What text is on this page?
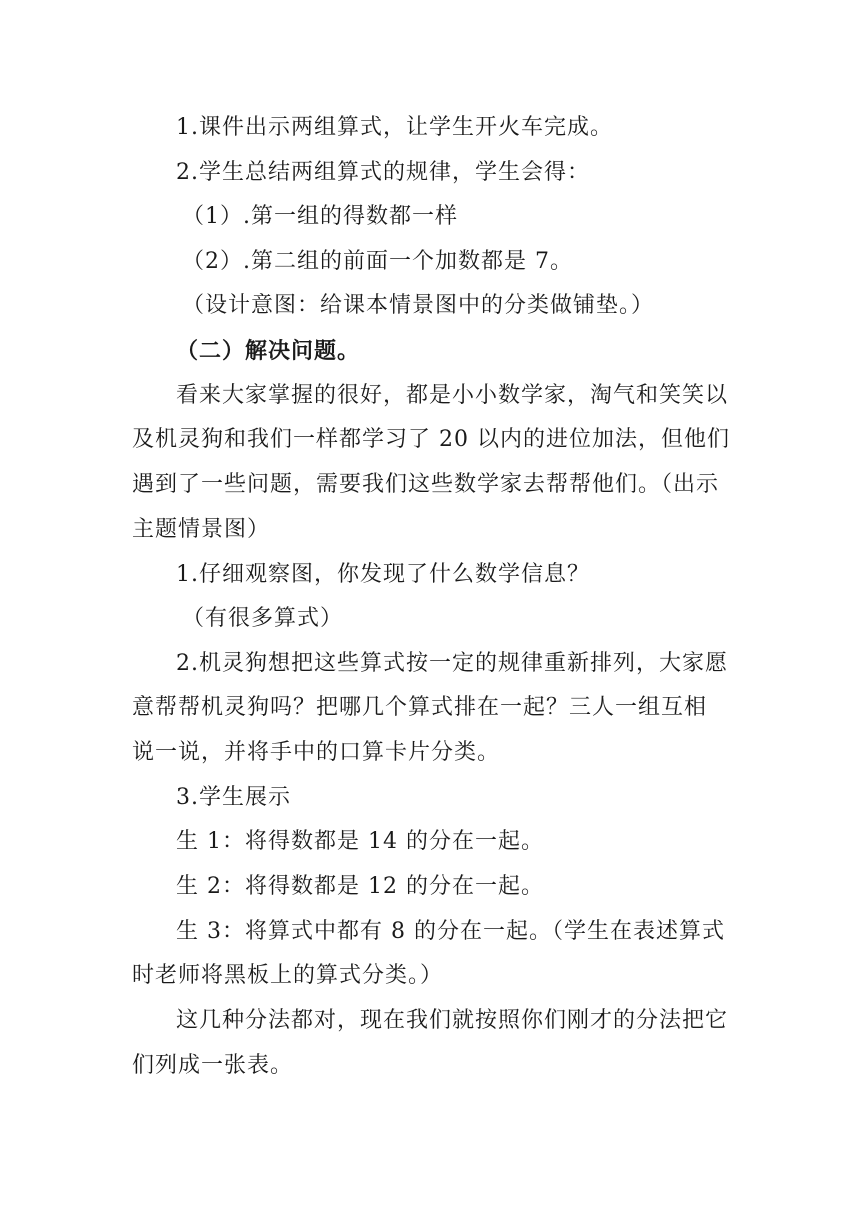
1.课件出示两组算式，让学生开火车完成。
2.学生总结两组算式的规律，学生会得：
（1）.第一组的得数都一样
（2）.第二组的前面一个加数都是 7。
（设计意图：给课本情景图中的分类做铺垫。）
（二）解决问题。
看来大家掌握的很好，都是小小数学家，淘气和笑笑以
及机灵狗和我们一样都学习了 20 以内的进位加法，但他们
遇到了一些问题，需要我们这些数学家去帮帮他们。（出示
主题情景图）
1.仔细观察图，你发现了什么数学信息？
（有很多算式）
2.机灵狗想把这些算式按一定的规律重新排列，大家愿
意帮帮机灵狗吗？把哪几个算式排在一起？三人一组互相
说一说，并将手中的口算卡片分类。
3.学生展示
生 1：将得数都是 14 的分在一起。
生 2：将得数都是 12 的分在一起。
生 3：将算式中都有 8 的分在一起。（学生在表述算式
时老师将黑板上的算式分类。）
这几种分法都对，现在我们就按照你们刚才的分法把它
们列成一张表。
